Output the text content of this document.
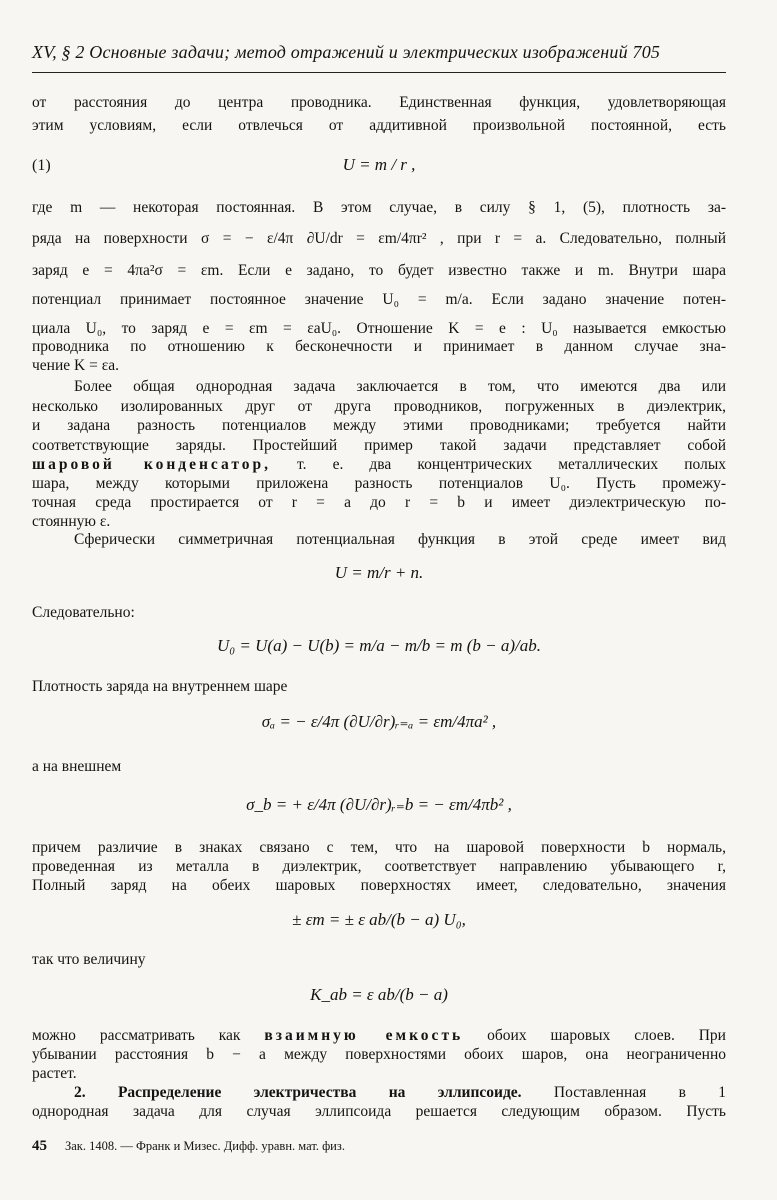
XV, § 2 Основные задачи; метод отражений и электрических изображений 705
от расстояния до центра проводника. Единственная функция, удовлетворяющая
этим условиям, если отвлечься от аддитивной произвольной постоянной, есть
(1)	U = m / r ,
где m — некоторая постоянная. В этом случае, в силу § 1, (5), плотность за-
ряда на поверхности σ = − ε/4π ∂U/dr = εm/4πr² , при r = a. Следовательно, полный
заряд e = 4πa²σ = εm. Если e задано, то будет известно также и m. Внутри шара
потенциал принимает постоянное значение U₀ = m/a. Если задано значение потен-
циала U₀, то заряд e = εm = εaU₀. Отношение K = e : U₀ называется емкостью
проводника по отношению к бесконечности и принимает в данном случае зна-
чение K = εa.
Более общая однородная задача заключается в том, что имеются два или
несколько изолированных друг от друга проводников, погруженных в диэлектрик,
и задана разность потенциалов между этими проводниками; требуется найти
соответствующие заряды. Простейший пример такой задачи представляет собой
шаровой конденсатор, т. е. два концентрических металлических полых
шара, между которыми приложена разность потенциалов U₀. Пусть промежу-
точная среда простирается от r = a до r = b и имеет диэлектрическую по-
стоянную ε.
Сферически симметричная потенциальная функция в этой среде имеет вид
U = m/r + n.
Следовательно:
U₀ = U(a) − U(b) = m/a − m/b = m (b − a)/ab.
Плотность заряда на внутреннем шаре
σₐ = − ε/4π (∂U/∂r)ᵣ₌ₐ = εm/4πa² ,
а на внешнем
σ_b = + ε/4π (∂U/∂r)ᵣ₌b = − εm/4πb² ,
причем различие в знаках связано с тем, что на шаровой поверхности b нормаль,
проведенная из металла в диэлектрик, соответствует направлению убывающего r,
Полный заряд на обеих шаровых поверхностях имеет, следовательно, значения
± εm = ± ε ab/(b − a) U₀,
так что величину
K_ab = ε ab/(b − a)
можно рассматривать как взаимную емкость обоих шаровых слоев. При
убывании расстояния b − a между поверхностями обоих шаров, она неограниченно
растет.
2. Распределение электричества на эллипсоиде. Поставленная в 1
однородная задача для случая эллипсоида решается следующим образом. Пусть
45 Зак. 1408. — Франк и Мизес. Дифф. уравн. мат. физ.
